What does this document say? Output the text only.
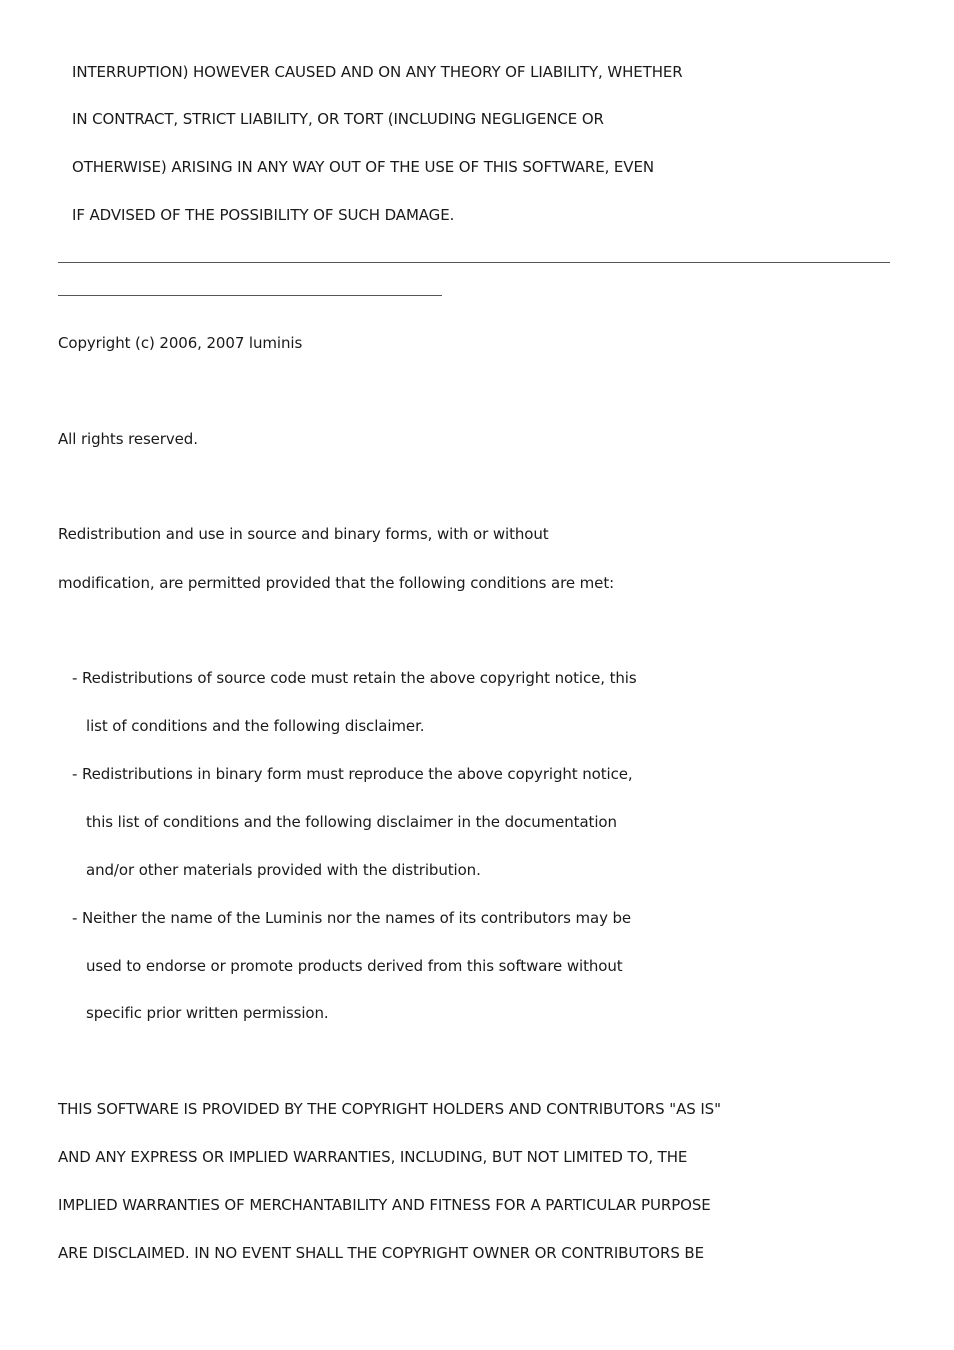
INTERRUPTION) HOWEVER CAUSED AND ON ANY THEORY OF LIABILITY, WHETHER
IN CONTRACT, STRICT LIABILITY, OR TORT (INCLUDING NEGLIGENCE OR
OTHERWISE) ARISING IN ANY WAY OUT OF THE USE OF THIS SOFTWARE, EVEN
IF ADVISED OF THE POSSIBILITY OF SUCH DAMAGE.
Copyright (c) 2006, 2007 luminis
All rights reserved.
Redistribution and use in source and binary forms, with or without
modification, are permitted provided that the following conditions are met:
- Redistributions of source code must retain the above copyright notice, this
list of conditions and the following disclaimer.
- Redistributions in binary form must reproduce the above copyright notice,
this list of conditions and the following disclaimer in the documentation
and/or other materials provided with the distribution.
- Neither the name of the Luminis nor the names of its contributors may be
used to endorse or promote products derived from this software without
specific prior written permission.
THIS SOFTWARE IS PROVIDED BY THE COPYRIGHT HOLDERS AND CONTRIBUTORS "AS IS"
AND ANY EXPRESS OR IMPLIED WARRANTIES, INCLUDING, BUT NOT LIMITED TO, THE
IMPLIED WARRANTIES OF MERCHANTABILITY AND FITNESS FOR A PARTICULAR PURPOSE
ARE DISCLAIMED. IN NO EVENT SHALL THE COPYRIGHT OWNER OR CONTRIBUTORS BE
